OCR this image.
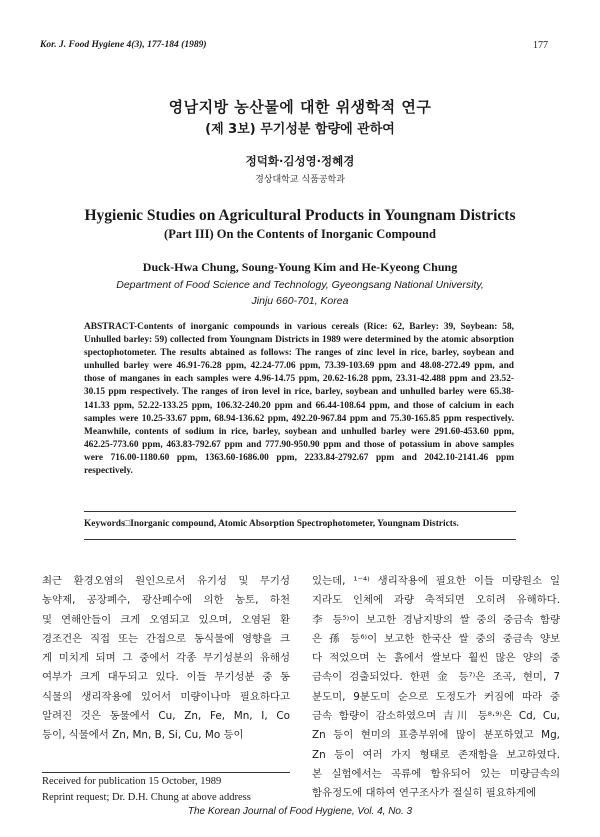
Kor. J. Food Hygiene 4(3), 177-184 (1989)	177
영남지방 농산물에 대한 위생학적 연구
(제 3보) 무기성분 함량에 관하여
정덕화·김성영·정혜경
경상대학교 식품공학과
Hygienic Studies on Agricultural Products in Youngnam Districts
(Part III) On the Contents of Inorganic Compound
Duck-Hwa Chung, Soung-Young Kim and He-Kyeong Chung
Department of Food Science and Technology, Gyeongsang National University,
Jinju 660-701, Korea
ABSTRACT-Contents of inorganic compounds in various cereals (Rice: 62, Barley: 39, Soybean: 58, Unhulled barley: 59) collected from Youngnam Districts in 1989 were determined by the atomic absorption spectophotometer. The results abtained as follows: The ranges of zinc level in rice, barley, soybean and unhulled barley were 46.91-76.28 ppm, 42.24-77.06 ppm, 73.39-103.69 ppm and 48.08-272.49 ppm, and those of manganes in each samples were 4.96-14.75 ppm, 20.62-16.28 ppm, 23.31-42.488 ppm and 23.52-30.15 ppm respectively. The ranges of iron level in rice, barley, soybean and unhulled barley were 65.38-141.33 ppm, 52.22-133.25 ppm, 106.32-240.20 ppm and 66.44-108.64 ppm, and those of calcium in each samples were 10.25-33.67 ppm, 68.94-136.62 ppm, 492.20-967.84 ppm and 75.30-165.85 ppm respectively. Meanwhile, contents of sodium in rice, barley, soybean and unhulled barley were 291.60-453.60 ppm, 462.25-773.60 ppm, 463.83-792.67 ppm and 777.90-950.90 ppm and those of potassium in above samples were 716.00-1180.60 ppm, 1363.60-1686.00 ppm, 2233.84-2792.67 ppm and 2042.10-2141.46 ppm respectively.
Keywords□Inorganic compound, Atomic Absorption Spectrophotometer, Youngnam Districts.

최근 환경오염의 원인으로서 유기성 및 무기성

농약제, 공장폐수, 광산폐수에 의한 농토, 하천

및 연해안들이 크게 오염되고 있으며, 오염된 환

경조건은 직접 또는 간접으로 동식물에 영향을 크

게 미치게 되며 그 중에서 각종 무기성분의 유해성

여부가 크게 대두되고 있다. 이들 무기성분 중 동

식물의 생리작용에 있어서 미량이나마 필요하다고

알려진 것은 동물에서 Cu, Zn, Fe, Mn, I, Co

등이, 식물에서 Zn, Mn, B, Si, Cu, Mo 등이

있는데, ¹⁻⁴⁾ 생리작용에 필요한 이들 미량원소 일

지라도 인체에 과량 축적되면 오히려 유해하다.

李 등⁵⁾이 보고한 경남지방의 쌀 중의 중금속 함량

은 孫 등⁶⁾이 보고한 한국산 쌀 중의 중금속 양보

다 적었으며 논 흙에서 쌀보다 훨씬 많은 양의 중

금속이 검출되었다. 한편 金 등⁷⁾은 조곡, 현미, 7

분도미, 9분도미 순으로 도정도가 커짐에 따라 중

금속 함량이 감소하였으며 吉川 등⁸·⁹⁾은 Cd, Cu,

Zn 등이 현미의 표층부위에 많이 분포하였고 Mg,

Zn 등이 여러 가지 형태로 존재함을 보고하였다.

본 실험에서는 곡류에 함유되어 있는 미량금속의

함유정도에 대하여 연구조사가 절실히 필요하게에

Received for publication 15 October, 1989
Reprint request; Dr. D.H. Chung at above address
The Korean Journal of Food Hygiene, Vol. 4, No. 3
